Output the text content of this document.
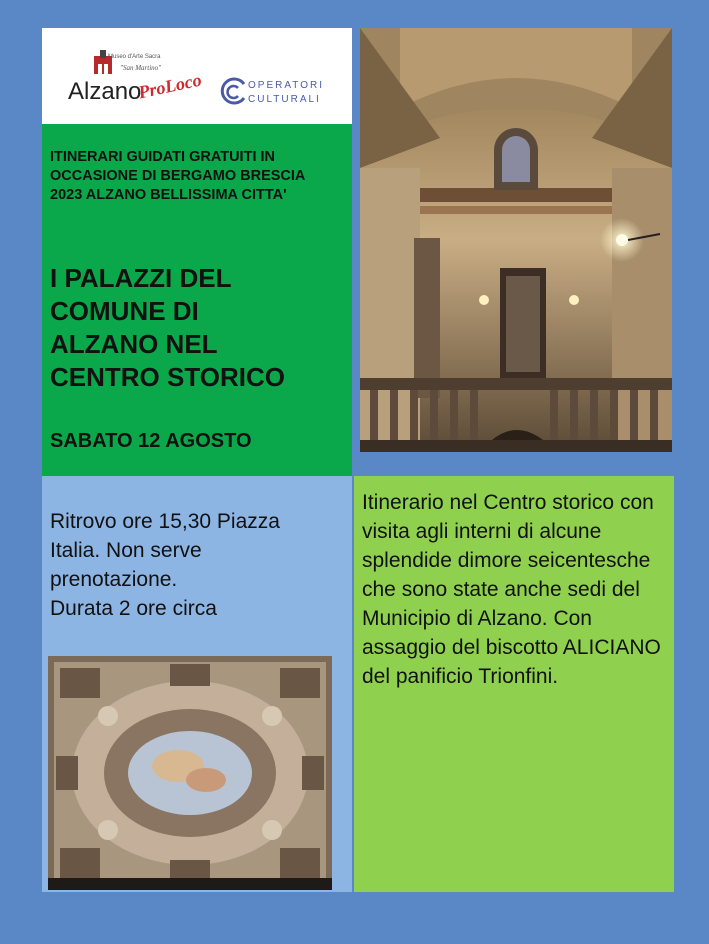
Museo d'Arte Sacra
"San Martino"
Alzano
ProLoco	OPERATORI
CULTURALI
ITINERARI GUIDATI GRATUITI IN OCCASIONE DI BERGAMO BRESCIA 2023 ALZANO BELLISSIMA CITTA'
I PALAZZI DEL
COMUNE DI
ALZANO NEL
CENTRO STORICO
SABATO 12 AGOSTO
Ritrovo ore 15,30 Piazza
Italia. Non serve
prenotazione.
Durata 2 ore circa
Itinerario nel Centro storico con visita agli interni di alcune splendide dimore seicentesche che sono state anche sedi del Municipio di Alzano. Con assaggio del biscotto ALICIANO del panificio Trionfini.
